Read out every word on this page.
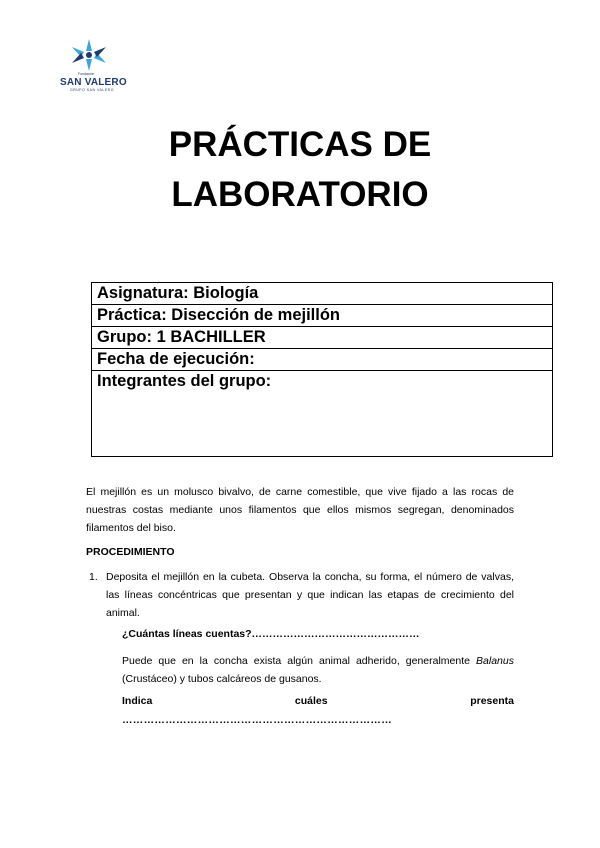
Fundación
SAN VALERO
GRUPO SAN VALERO
PRÁCTICAS DE
LABORATORIO
Asignatura: Biología
Práctica: Disección de mejillón
Grupo: 1 BACHILLER
Fecha de ejecución:
Integrantes del grupo:
El mejillón es un molusco bivalvo, de carne comestible, que vive fijado a las rocas de nuestras costas mediante unos filamentos que ellos mismos segregan, denominados filamentos del biso.
PROCEDIMIENTO
1. Deposita el mejillón en la cubeta. Observa la concha, su forma, el número de valvas, las líneas concéntricas que presentan y que indican las etapas de crecimiento del animal.
¿Cuántas líneas cuentas?…………………………………………
Puede que en la concha exista algún animal adherido, generalmente Balanus (Crustáceo) y tubos calcáreos de gusanos.
Indica	cuáles	presenta
…………………………………………………………………
